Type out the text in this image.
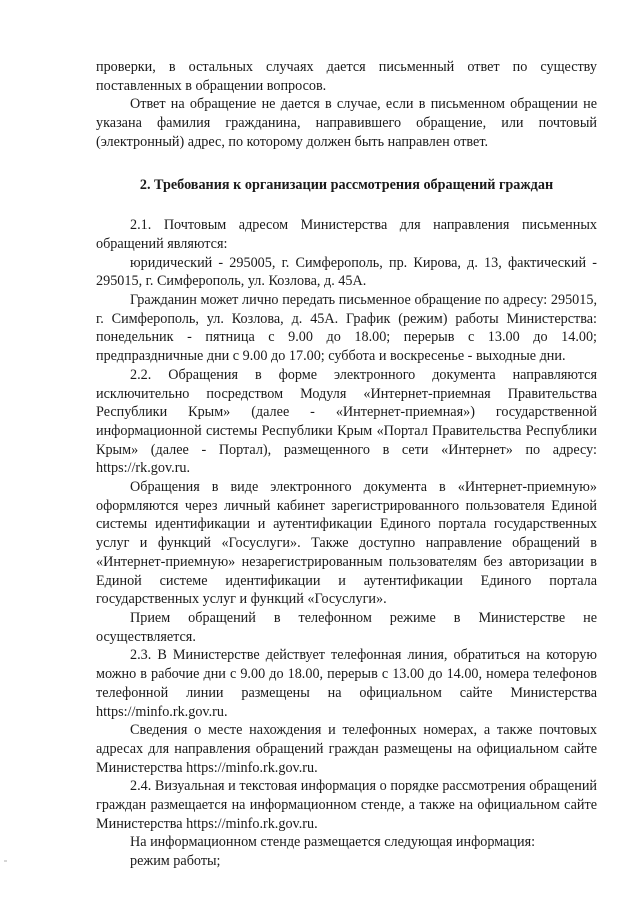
проверки, в остальных случаях дается письменный ответ по существу поставленных в обращении вопросов.

Ответ на обращение не дается в случае, если в письменном обращении не указана фамилия гражданина, направившего обращение, или почтовый (электронный) адрес, по которому должен быть направлен ответ.

2. Требования к организации рассмотрения обращений граждан

2.1. Почтовым адресом Министерства для направления письменных обращений являются:

юридический - 295005, г. Симферополь, пр. Кирова, д. 13, фактический - 295015, г. Симферополь, ул. Козлова, д. 45А.

Гражданин может лично передать письменное обращение по адресу: 295015, г. Симферополь, ул. Козлова, д. 45А. График (режим) работы Министерства: понедельник - пятница с 9.00 до 18.00; перерыв с 13.00 до 14.00; предпраздничные дни с 9.00 до 17.00; суббота и воскресенье - выходные дни.

2.2. Обращения в форме электронного документа направляются исключительно посредством Модуля «Интернет-приемная Правительства Республики Крым» (далее - «Интернет-приемная») государственной информационной системы Республики Крым «Портал Правительства Республики Крым» (далее - Портал), размещенного в сети «Интернет» по адресу: https://rk.gov.ru.

Обращения в виде электронного документа в «Интернет-приемную» оформляются через личный кабинет зарегистрированного пользователя Единой системы идентификации и аутентификации Единого портала государственных услуг и функций «Госуслуги». Также доступно направление обращений в «Интернет-приемную» незарегистрированным пользователям без авторизации в Единой системе идентификации и аутентификации Единого портала государственных услуг и функций «Госуслуги».

Прием обращений в телефонном режиме в Министерстве не осуществляется.

2.3. В Министерстве действует телефонная линия, обратиться на которую можно в рабочие дни с 9.00 до 18.00, перерыв с 13.00 до 14.00, номера телефонов телефонной линии размещены на официальном сайте Министерства https://minfo.rk.gov.ru.

Сведения о месте нахождения и телефонных номерах, а также почтовых адресах для направления обращений граждан размещены на официальном сайте Министерства https://minfo.rk.gov.ru.

2.4. Визуальная и текстовая информация о порядке рассмотрения обращений граждан размещается на информационном стенде, а также на официальном сайте Министерства https://minfo.rk.gov.ru.

На информационном стенде размещается следующая информация:

режим работы;
